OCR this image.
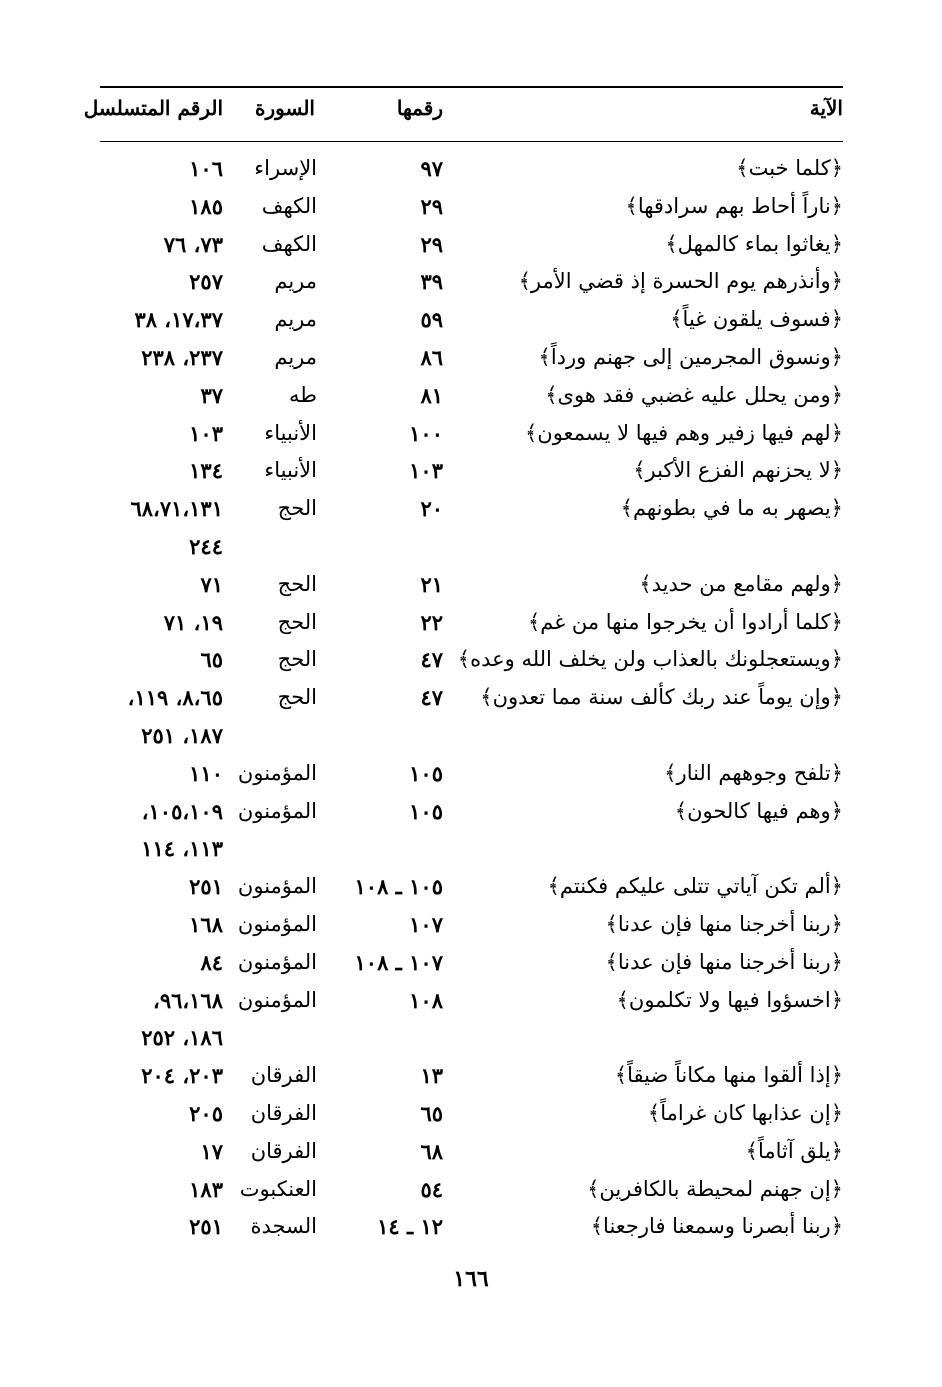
الآية
رقمها
السورة
الرقم المتسلسل
﴿كلما خبت﴾
٩٧
الإسراء
١٠٦
﴿ناراً أحاط بهم سرادقها﴾
٢٩
الكهف
١٨٥
﴿يغاثوا بماء كالمهل﴾
٢٩
الكهف
٧٣، ٧٦
﴿وأنذرهم يوم الحسرة إذ قضي الأمر﴾
٣٩
مريم
٢٥٧
﴿فسوف يلقون غياً﴾
٥٩
مريم
١٧،٣٧، ٣٨
﴿ونسوق المجرمين إلى جهنم ورداً﴾
٨٦
مريم
٢٣٧، ٢٣٨
﴿ومن يحلل عليه غضبي فقد هوى﴾
٨١
طه
٣٧
﴿لهم فيها زفير وهم فيها لا يسمعون﴾
١٠٠
الأنبياء
١٠٣
﴿لا يحزنهم الفزع الأكبر﴾
١٠٣
الأنبياء
١٣٤
﴿يصهر به ما في بطونهم﴾
٢٠
الحج
٦٨،٧١،١٣١
٢٤٤
﴿ولهم مقامع من حديد﴾
٢١
الحج
٧١
﴿كلما أرادوا أن يخرجوا منها من غم﴾
٢٢
الحج
١٩، ٧١
﴿ويستعجلونك بالعذاب ولن يخلف الله وعده﴾
٤٧
الحج
٦٥
﴿وإن يوماً عند ربك كألف سنة مما تعدون﴾
٤٧
الحج
٨،٦٥، ١١٩،
١٨٧، ٢٥١
﴿تلفح وجوههم النار﴾
١٠٥
المؤمنون
١١٠
﴿وهم فيها كالحون﴾
١٠٥
المؤمنون
١٠٥،١٠٩،
١١٣، ١١٤
﴿ألم تكن آياتي تتلى عليكم فكنتم﴾
١٠٥ ـ ١٠٨
المؤمنون
٢٥١
﴿ربنا أخرجنا منها فإن عدنا﴾
١٠٧
المؤمنون
١٦٨
﴿ربنا أخرجنا منها فإن عدنا﴾
١٠٧ ـ ١٠٨
المؤمنون
٨٤
﴿اخسؤوا فيها ولا تكلمون﴾
١٠٨
المؤمنون
٩٦،١٦٨،
١٨٦، ٢٥٢
﴿إذا ألقوا منها مكاناً ضيقاً﴾
١٣
الفرقان
٢٠٣، ٢٠٤
﴿إن عذابها كان غراماً﴾
٦٥
الفرقان
٢٠٥
﴿يلق آثاماً﴾
٦٨
الفرقان
١٧
﴿إن جهنم لمحيطة بالكافرين﴾
٥٤
العنكبوت
١٨٣
﴿ربنا أبصرنا وسمعنا فارجعنا﴾
١٢ ـ ١٤
السجدة
٢٥١
١٦٦
